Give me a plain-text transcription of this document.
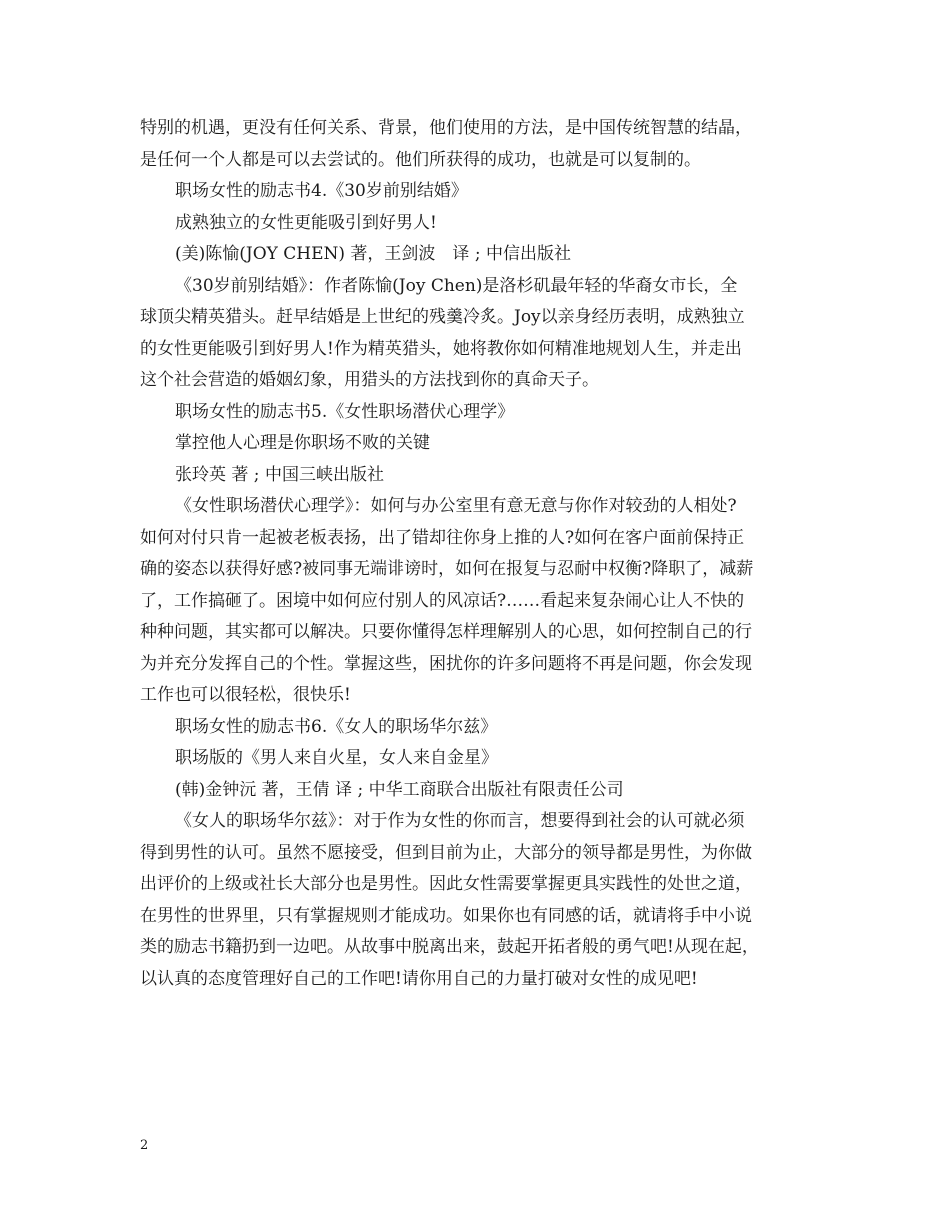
特别的机遇，更没有任何关系、背景，他们使用的方法，是中国传统智慧的结晶，
是任何一个人都是可以去尝试的。他们所获得的成功，也就是可以复制的。
职场女性的励志书4.《30岁前别结婚》
成熟独立的女性更能吸引到好男人!
(美)陈愉(JOY CHEN) 著，王剑波　译 ; 中信出版社
《30岁前别结婚》：作者陈愉(Joy Chen)是洛杉矶最年轻的华裔女市长，全
球顶尖精英猎头。赶早结婚是上世纪的残羹冷炙。Joy以亲身经历表明，成熟独立
的女性更能吸引到好男人!作为精英猎头，她将教你如何精准地规划人生，并走出
这个社会营造的婚姻幻象，用猎头的方法找到你的真命天子。
职场女性的励志书5.《女性职场潜伏心理学》
掌控他人心理是你职场不败的关键
张玲英 著 ; 中国三峡出版社
《女性职场潜伏心理学》：如何与办公室里有意无意与你作对较劲的人相处?
如何对付只肯一起被老板表扬，出了错却往你身上推的人?如何在客户面前保持正
确的姿态以获得好感?被同事无端诽谤时，如何在报复与忍耐中权衡?降职了，减薪
了，工作搞砸了。困境中如何应付别人的风凉话?……看起来复杂闹心让人不快的
种种问题，其实都可以解决。只要你懂得怎样理解别人的心思，如何控制自己的行
为并充分发挥自己的个性。掌握这些，困扰你的许多问题将不再是问题，你会发现
工作也可以很轻松，很快乐!
职场女性的励志书6.《女人的职场华尔兹》
职场版的《男人来自火星，女人来自金星》
(韩)金钟沅 著，王倩 译 ; 中华工商联合出版社有限责任公司
《女人的职场华尔兹》：对于作为女性的你而言，想要得到社会的认可就必须
得到男性的认可。虽然不愿接受，但到目前为止，大部分的领导都是男性，为你做
出评价的上级或社长大部分也是男性。因此女性需要掌握更具实践性的处世之道，
在男性的世界里，只有掌握规则才能成功。如果你也有同感的话，就请将手中小说
类的励志书籍扔到一边吧。从故事中脱离出来，鼓起开拓者般的勇气吧!从现在起，
以认真的态度管理好自己的工作吧!请你用自己的力量打破对女性的成见吧!
2
